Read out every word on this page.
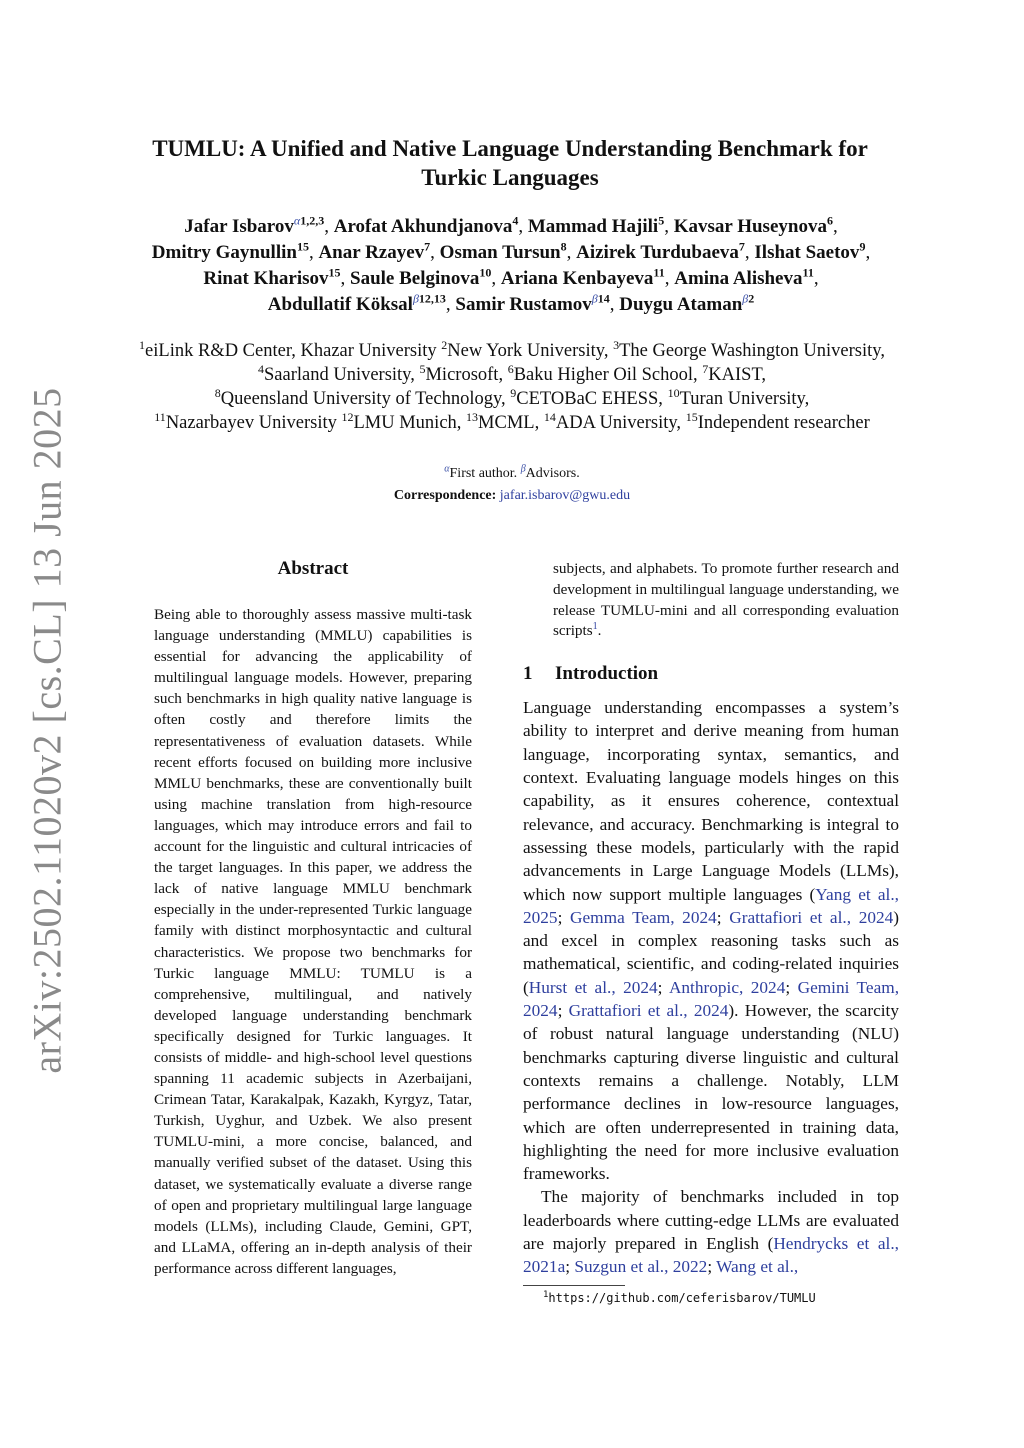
arXiv:2502.11020v2 [cs.CL] 13 Jun 2025
TUMLU: A Unified and Native Language Understanding Benchmark for
Turkic Languages
Jafar Isbarov$^{\alpha 1,2,3}$, Arofat Akhundjanova$^4$, Mammad Hajili$^5$, Kavsar Huseynova$^6$,
Dmitry Gaynullin$^{15}$, Anar Rzayev$^7$, Osman Tursun$^8$, Aizirek Turdubaeva$^7$, Ilshat Saetov$^9$,
Rinat Kharisov$^{15}$, Saule Belginova$^{10}$, Ariana Kenbayeva$^{11}$, Amina Alisheva$^{11}$,
Abdullatif Köksal$^{\beta 12,13}$, Samir Rustamov$^{\beta 14}$, Duygu Ataman$^{\beta 2}$
$^1$eiLink R&D Center, Khazar University $^2$New York University, $^3$The George Washington University,
$^4$Saarland University, $^5$Microsoft, $^6$Baku Higher Oil School, $^7$KAIST,
$^8$Queensland University of Technology, $^9$CETOBaC EHESS, $^{10}$Turan University,
$^{11}$Nazarbayev University $^{12}$LMU Munich, $^{13}$MCML, $^{14}$ADA University, $^{15}$Independent researcher
$^\alpha$First author. $^\beta$Advisors.
Correspondence: jafar.isbarov@gwu.edu
Abstract

Being able to thoroughly assess massive multi-task language understanding (MMLU) capabilities is essential for advancing the applicability of multilingual language models. However, preparing such benchmarks in high quality native language is often costly and therefore limits the representativeness of evaluation datasets. While recent efforts focused on building more inclusive MMLU benchmarks, these are conventionally built using machine translation from high-resource languages, which may introduce errors and fail to account for the linguistic and cultural intricacies of the target languages. In this paper, we address the lack of native language MMLU benchmark especially in the under-represented Turkic language family with distinct morphosyntactic and cultural characteristics. We propose two benchmarks for Turkic language MMLU: TUMLU is a comprehensive, multilingual, and natively developed language understanding benchmark specifically designed for Turkic languages. It consists of middle- and high-school level questions spanning 11 academic subjects in Azerbaijani, Crimean Tatar, Karakalpak, Kazakh, Kyrgyz, Tatar, Turkish, Uyghur, and Uzbek. We also present TUMLU-mini, a more concise, balanced, and manually verified subset of the dataset. Using this dataset, we systematically evaluate a diverse range of open and proprietary multilingual large language models (LLMs), including Claude, Gemini, GPT, and LLaMA, offering an in-depth analysis of their performance across different languages,

subjects, and alphabets. To promote further research and development in multilingual language understanding, we release TUMLU-mini and all corresponding evaluation scripts$^1$.

1 Introduction

Language understanding encompasses a system’s ability to interpret and derive meaning from human language, incorporating syntax, semantics, and context. Evaluating language models hinges on this capability, as it ensures coherence, contextual relevance, and accuracy. Benchmarking is integral to assessing these models, particularly with the rapid advancements in Large Language Models (LLMs), which now support multiple languages (Yang et al., 2025; Gemma Team, 2024; Grattafiori et al., 2024) and excel in complex reasoning tasks such as mathematical, scientific, and coding-related inquiries (Hurst et al., 2024; Anthropic, 2024; Gemini Team, 2024; Grattafiori et al., 2024). However, the scarcity of robust natural language understanding (NLU) benchmarks capturing diverse linguistic and cultural contexts remains a challenge. Notably, LLM performance declines in low-resource languages, which are often underrepresented in training data, highlighting the need for more inclusive evaluation frameworks.

The majority of benchmarks included in top leaderboards where cutting-edge LLMs are evaluated are majorly prepared in English (Hendrycks et al., 2021a; Suzgun et al., 2022; Wang et al.,

$^1$https://github.com/ceferisbarov/TUMLU
